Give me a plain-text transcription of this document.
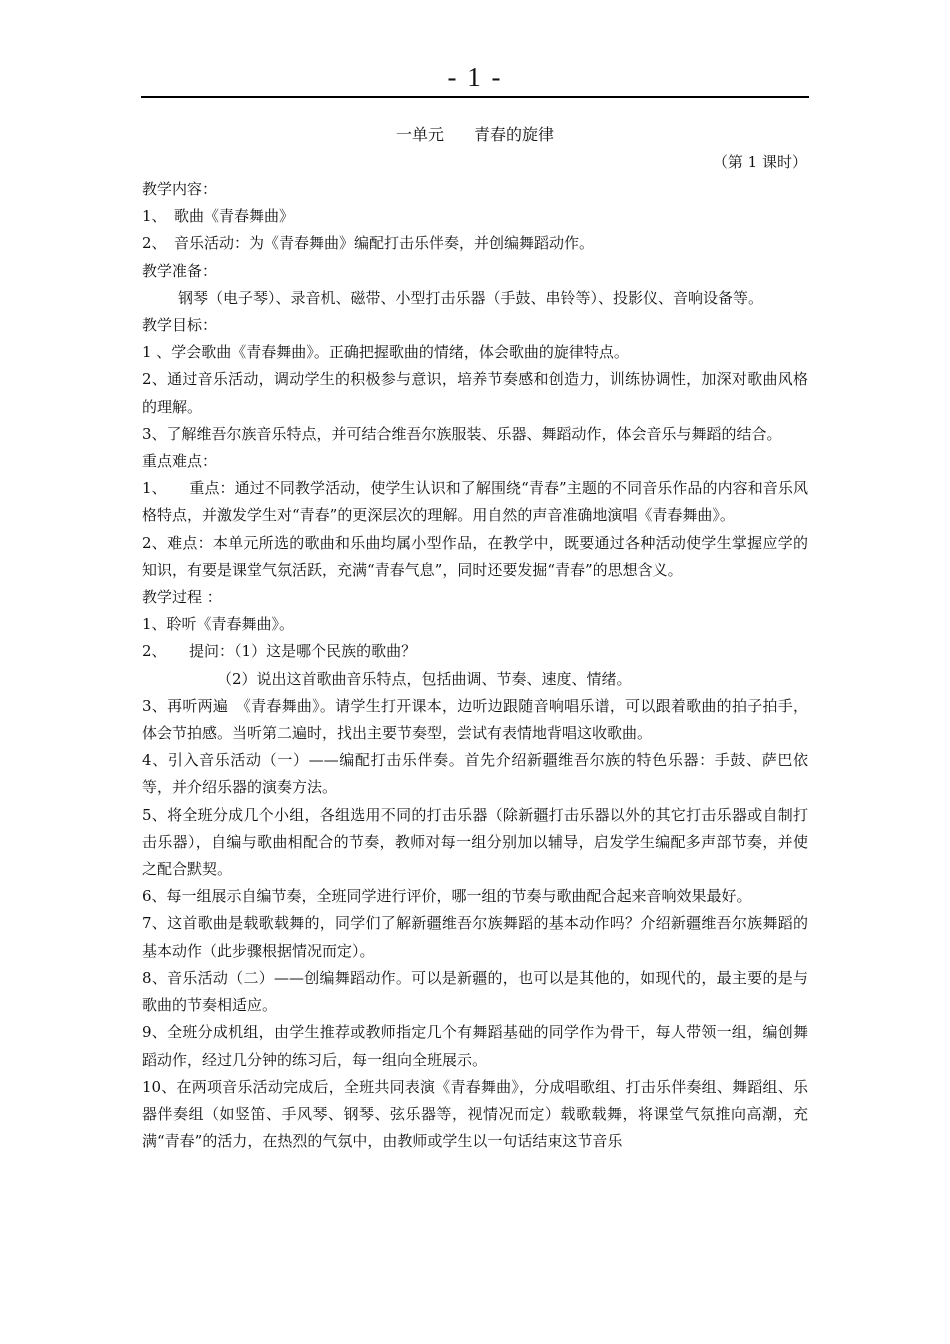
- 1 -
一单元 青春的旋律
（第 1 课时）

教学内容：

1、　歌曲《青春舞曲》

2、　音乐活动：为《青春舞曲》编配打击乐伴奏，并创编舞蹈动作。

教学准备：

钢琴（电子琴）、录音机、磁带、小型打击乐器（手鼓、串铃等）、投影仪、音响设备等。

教学目标：

1 、学会歌曲《青春舞曲》。正确把握歌曲的情绪，体会歌曲的旋律特点。

2、通过音乐活动，调动学生的积极参与意识，培养节奏感和创造力，训练协调性，加深对歌曲风格的理解。

3、了解维吾尔族音乐特点，并可结合维吾尔族服装、乐器、舞蹈动作，体会音乐与舞蹈的结合。

重点难点：

1、　　重点：通过不同教学活动，使学生认识和了解围绕“青春”主题的不同音乐作品的内容和音乐风格特点，并激发学生对“青春”的更深层次的理解。用自然的声音准确地演唱《青春舞曲》。

2、难点：本单元所选的歌曲和乐曲均属小型作品，在教学中，既要通过各种活动使学生掌握应学的知识，有要是课堂气氛活跃，充满“青春气息”，同时还要发掘“青春”的思想含义。

教学过程 ：

1、聆听《青春舞曲》。

2、　　提问：（1）这是哪个民族的歌曲？

（2）说出这首歌曲音乐特点，包括曲调、节奏、速度、情绪。

3、再听两遍　《青春舞曲》。请学生打开课本，边听边跟随音响唱乐谱，可以跟着歌曲的拍子拍手，体会节拍感。当听第二遍时，找出主要节奏型，尝试有表情地背唱这收歌曲。

4、引入音乐活动（一）——编配打击乐伴奏。首先介绍新疆维吾尔族的特色乐器：手鼓、萨巴依等，并介绍乐器的演奏方法。

5、将全班分成几个小组，各组选用不同的打击乐器（除新疆打击乐器以外的其它打击乐器或自制打击乐器），自编与歌曲相配合的节奏，教师对每一组分别加以辅导，启发学生编配多声部节奏，并使之配合默契。

6、每一组展示自编节奏，全班同学进行评价，哪一组的节奏与歌曲配合起来音响效果最好。

7、这首歌曲是载歌载舞的，同学们了解新疆维吾尔族舞蹈的基本动作吗？介绍新疆维吾尔族舞蹈的基本动作（此步骤根据情况而定）。

8、音乐活动（二）——创编舞蹈动作。可以是新疆的，也可以是其他的，如现代的，最主要的是与歌曲的节奏相适应。

9、全班分成机组，由学生推荐或教师指定几个有舞蹈基础的同学作为骨干，每人带领一组，编创舞蹈动作，经过几分钟的练习后，每一组向全班展示。

10、在两项音乐活动完成后，全班共同表演《青春舞曲》，分成唱歌组、打击乐伴奏组、舞蹈组、乐器伴奏组（如竖笛、手风琴、钢琴、弦乐器等，视情况而定）载歌载舞，将课堂气氛推向高潮，充满“青春”的活力，在热烈的气氛中，由教师或学生以一句话结束这节音乐
